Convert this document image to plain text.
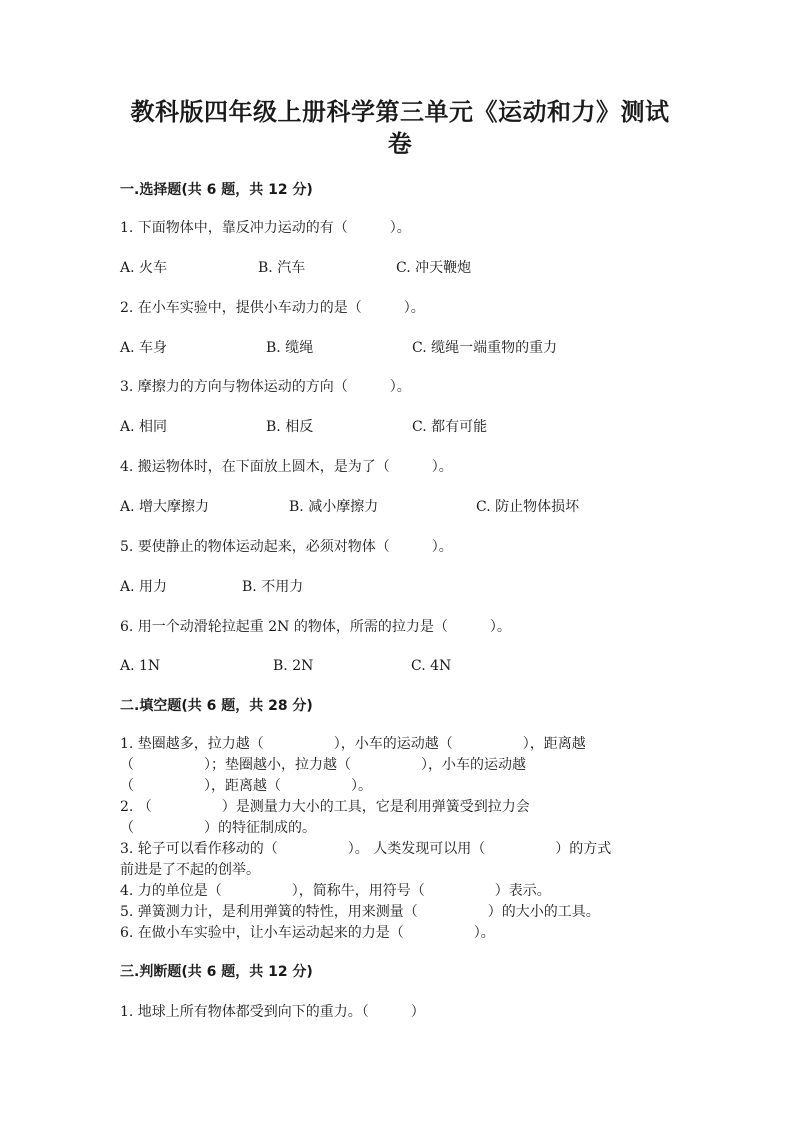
教科版四年级上册科学第三单元《运动和力》测试
卷
一.选择题(共 6 题，共 12 分)
1. 下面物体中，靠反冲力运动的有（　　　）。
A. 火车	B. 汽车	C. 冲天鞭炮
2. 在小车实验中，提供小车动力的是（　　　）。
A. 车身	B. 缆绳	C. 缆绳一端重物的重力
3. 摩擦力的方向与物体运动的方向（　　　）。
A. 相同	B. 相反	C. 都有可能
4. 搬运物体时，在下面放上圆木，是为了（　　　）。
A. 增大摩擦力	B. 减小摩擦力	C. 防止物体损坏
5. 要使静止的物体运动起来，必须对物体（　　　）。
A. 用力	B. 不用力
6. 用一个动滑轮拉起重 2N 的物体，所需的拉力是（　　　）。
A. 1N	B. 2N	C. 4N
二.填空题(共 6 题，共 28 分)
1. 垫圈越多，拉力越（　　　　　），小车的运动越（　　　　　），距离越
（　　　　　）；垫圈越小，拉力越（　　　　　），小车的运动越
（　　　　　），距离越（　　　　　）。
2. （　　　　　）是测量力大小的工具，它是利用弹簧受到拉力会
（　　　　　）的特征制成的。
3. 轮子可以看作移动的（　　　　　）。 人类发现可以用（　　　　　）的方式
前进是了不起的创举。
4. 力的单位是（　　　　　），简称牛，用符号（　　　　　）表示。
5. 弹簧测力计，是利用弹簧的特性，用来测量（　　　　　）的大小的工具。
6. 在做小车实验中，让小车运动起来的力是（　　　　　）。
三.判断题(共 6 题，共 12 分)
1. 地球上所有物体都受到向下的重力。（　　　）
